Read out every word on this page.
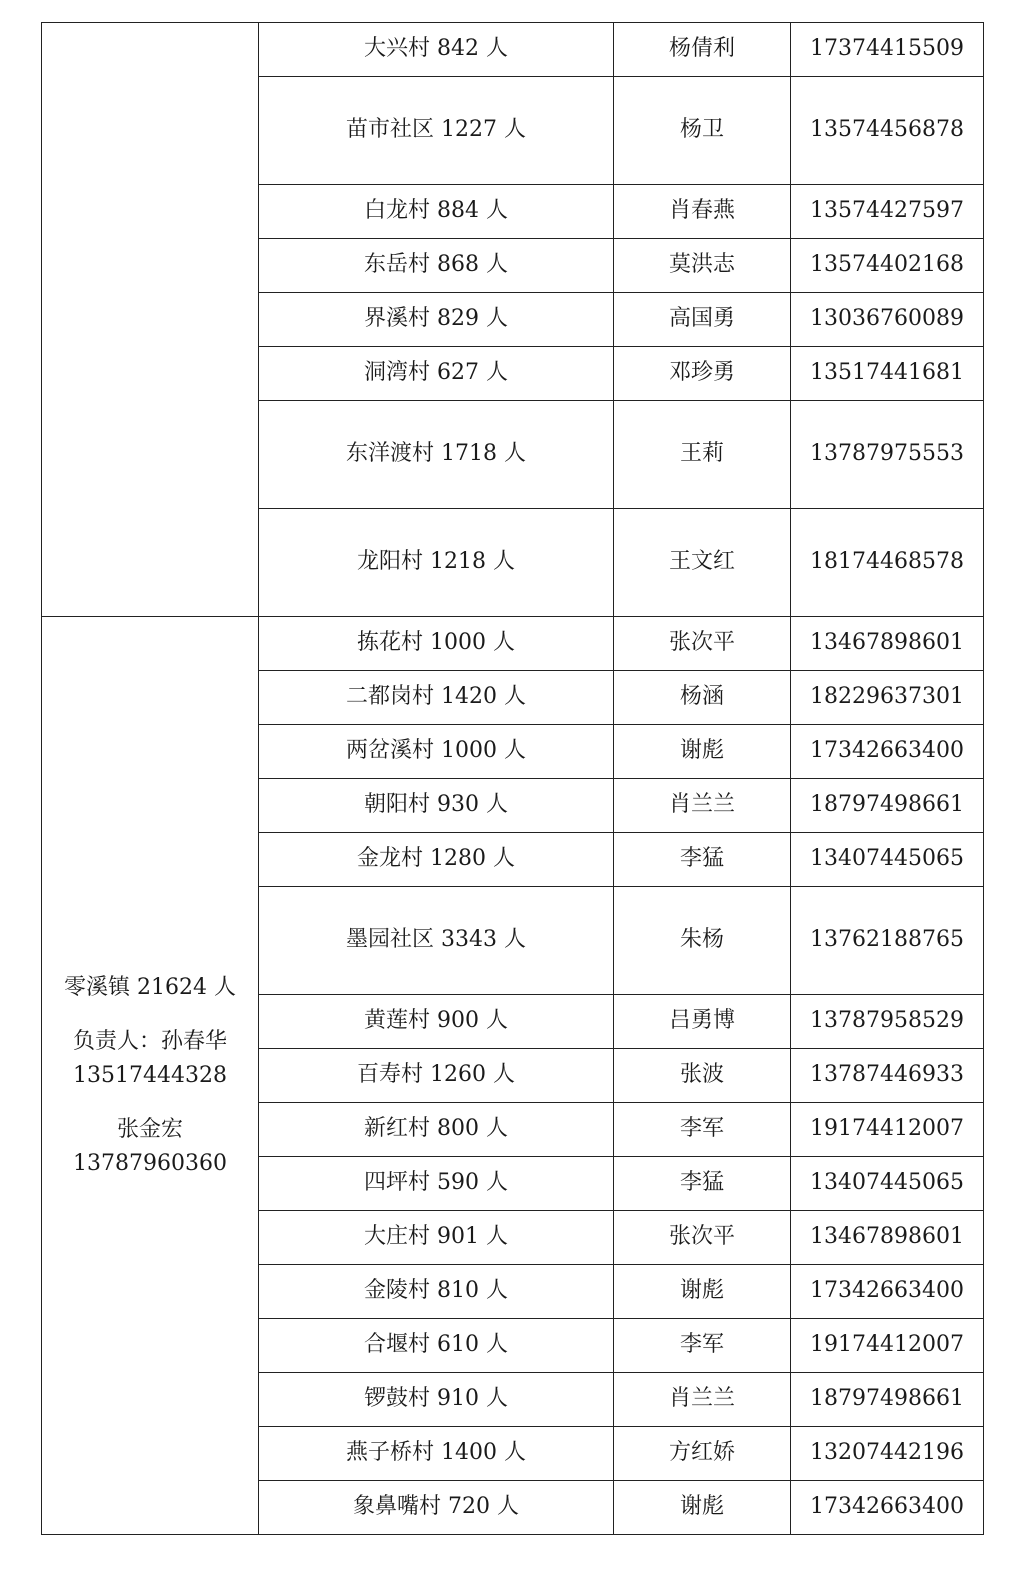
	大兴村 842 人	杨倩利	17374415509
	苗市社区 1227 人	杨卫	13574456878
	白龙村 884 人	肖春燕	13574427597
	东岳村 868 人	莫洪志	13574402168
	界溪村 829 人	高国勇	13036760089
	洞湾村 627 人	邓珍勇	13517441681
	东洋渡村 1718 人	王莉	13787975553
	龙阳村 1218 人	王文红	18174468578

零溪镇 21624 人
负责人：孙春华
13517444328
张金宏
13787960360	拣花村 1000 人	张次平	13467898601
	二都岗村 1420 人	杨涵	18229637301
	两岔溪村 1000 人	谢彪	17342663400
	朝阳村 930 人	肖兰兰	18797498661
	金龙村 1280 人	李猛	13407445065
	墨园社区 3343 人	朱杨	13762188765
	黄莲村 900 人	吕勇博	13787958529
	百寿村 1260 人	张波	13787446933
	新红村 800 人	李军	19174412007
	四坪村 590 人	李猛	13407445065
	大庄村 901 人	张次平	13467898601
	金陵村 810 人	谢彪	17342663400
	合堰村 610 人	李军	19174412007
	锣鼓村 910 人	肖兰兰	18797498661
	燕子桥村 1400 人	方红娇	13207442196
	象鼻嘴村 720 人	谢彪	17342663400
